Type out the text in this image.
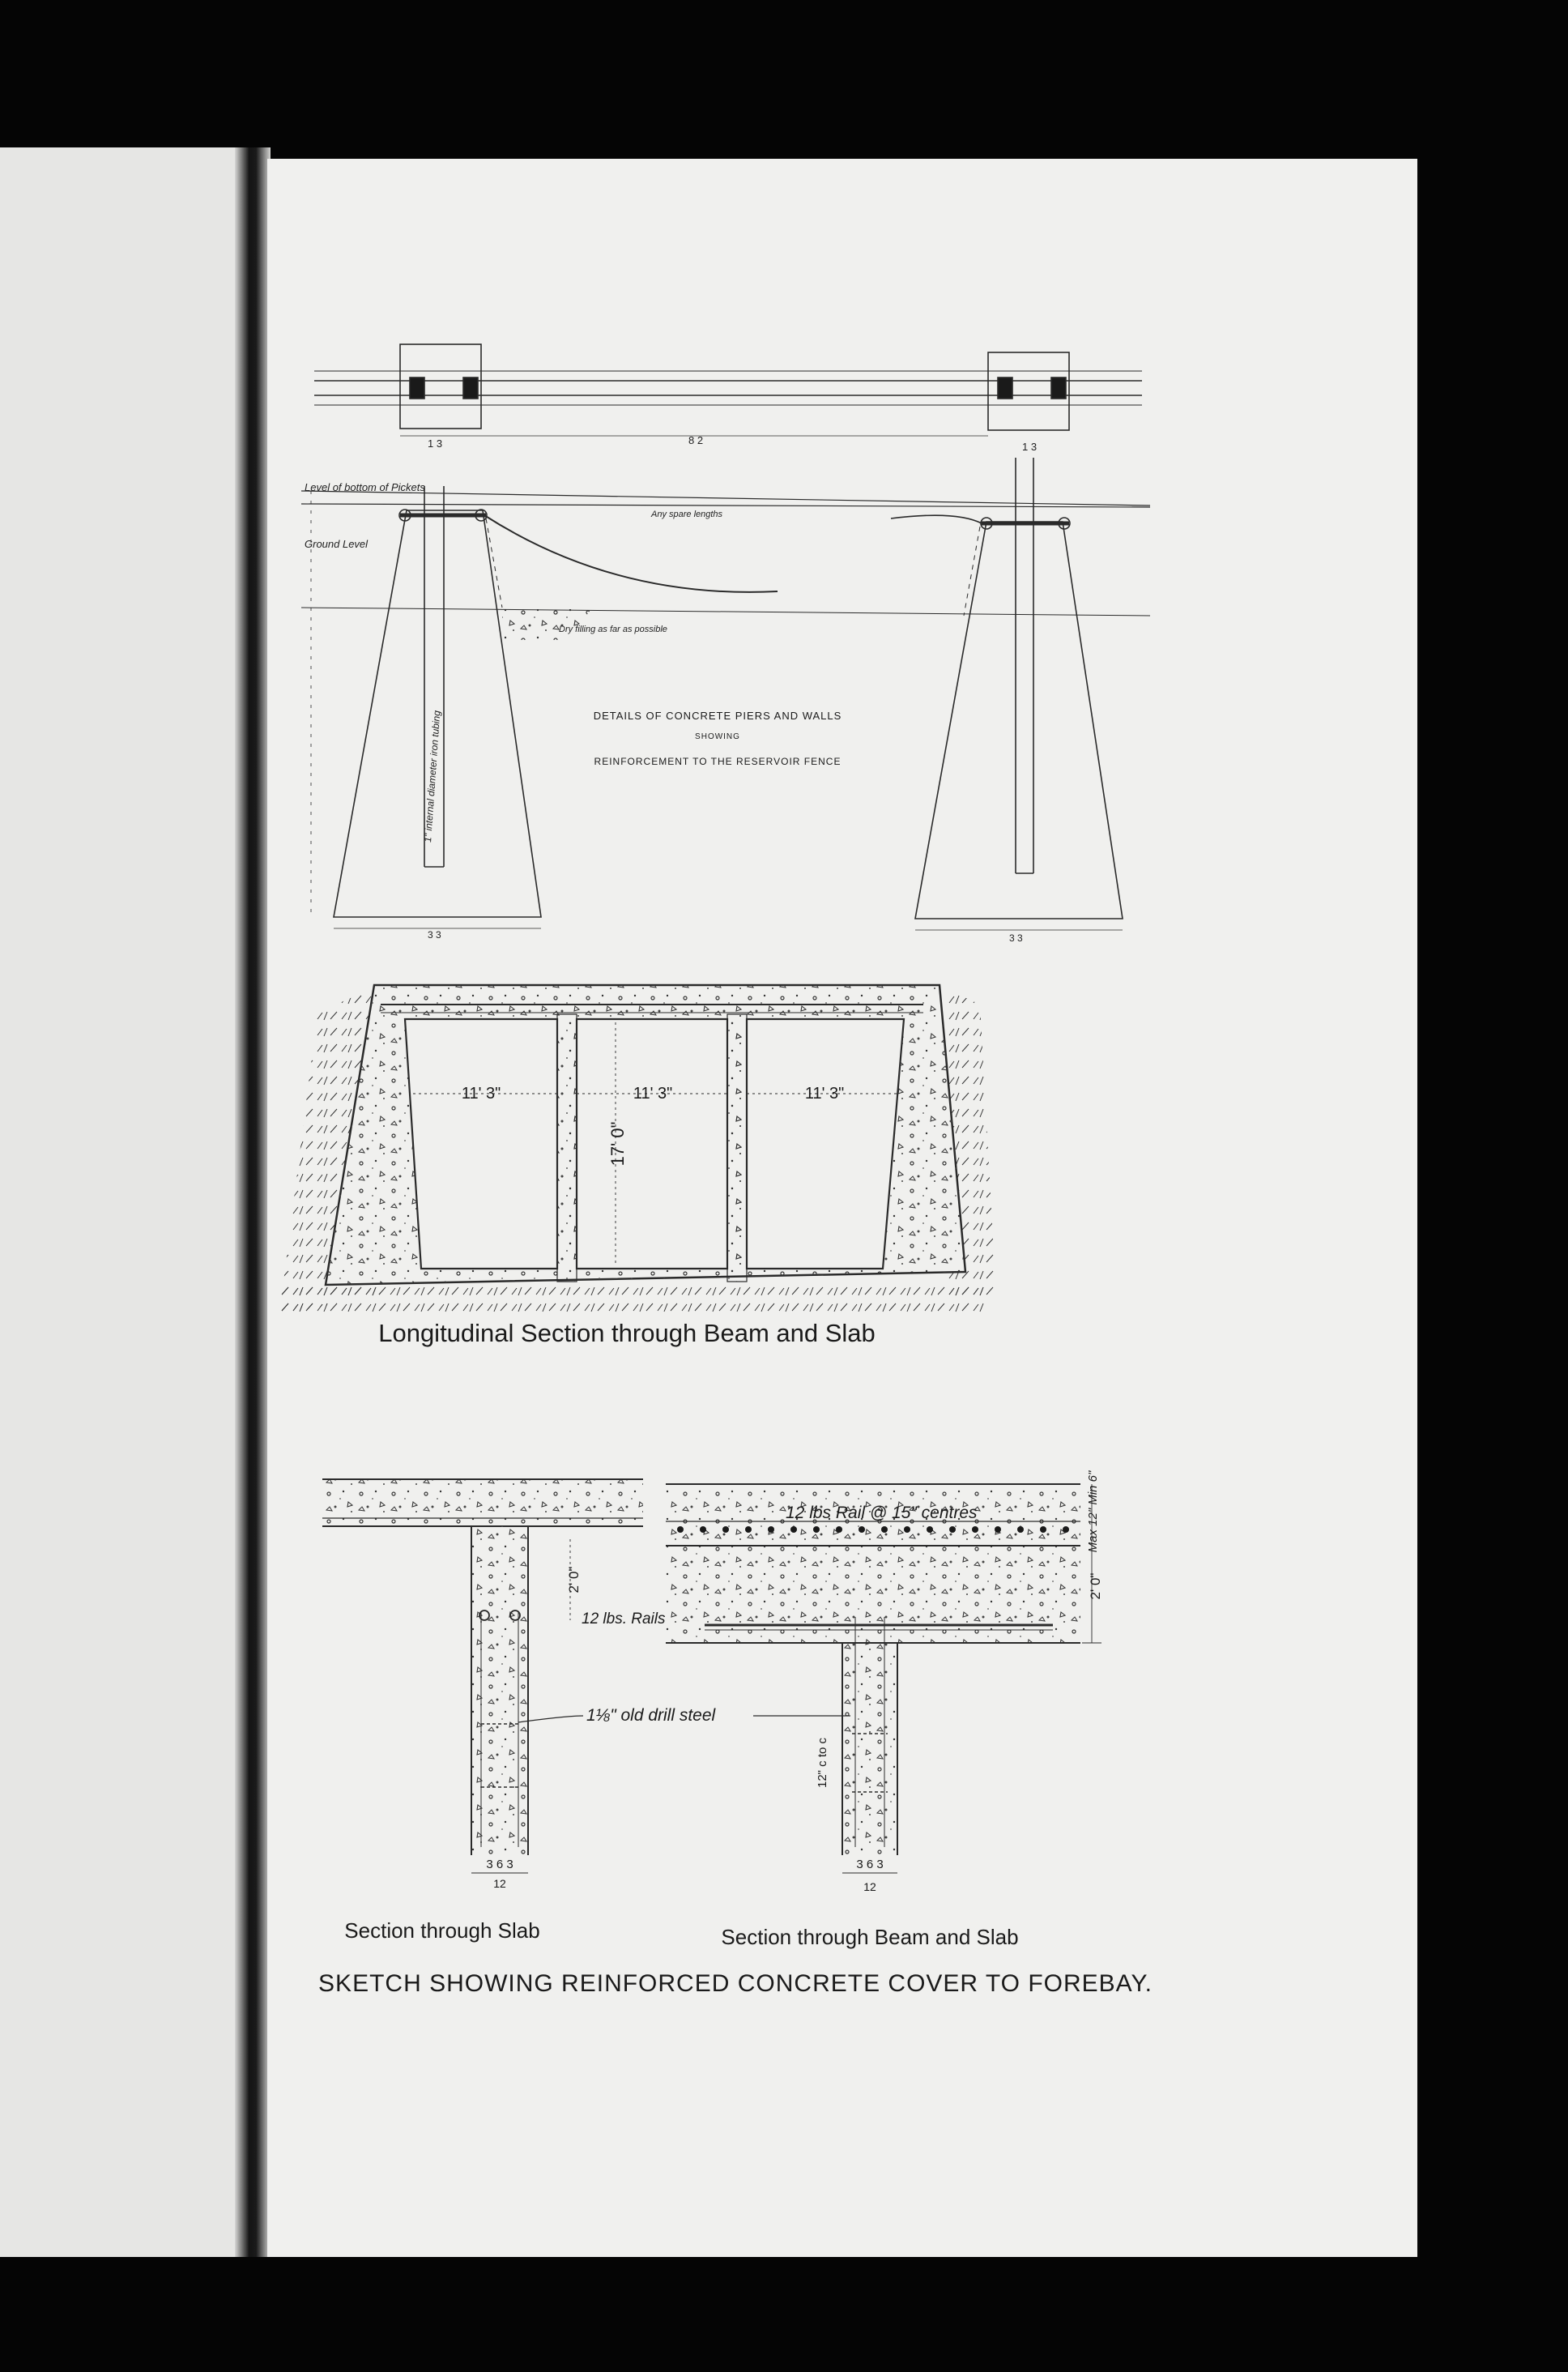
1 3	8 2
1 3
Level of bottom of Pickets
Ground Level
Any spare lengths
Dry filling as far as possible
1" internal diameter iron tubing	DETAILS OF CONCRETE PIERS AND WALLS
SHOWING
REINFORCEMENT TO THE RESERVOIR FENCE
3 3	3 3
11' 3"	11' 3"	11' 3"
17' 0"
Longitudinal Section through Beam and Slab
12 lbs Rail @ 15" centres
12 lbs. Rails
1⅛" old drill steel
2' 0"	2' 0"
Max 12" Min 6"
12" c to c
3 6 3
12
3 6 3
12
Section through Slab	Section through Beam and Slab
SKETCH SHOWING REINFORCED CONCRETE COVER TO FOREBAY.
